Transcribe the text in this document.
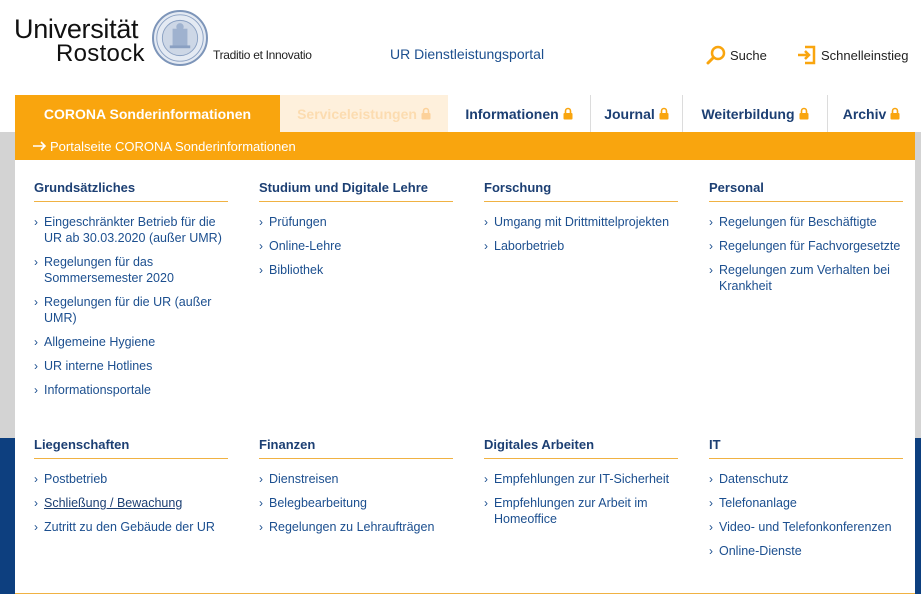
Universität
Rostock	Traditio et Innovatio	UR Dienstleistungsportal	Suche	Schnelleinstieg
CORONA Sonderinformationen	Serviceleistungen	Informationen	Journal	Weiterbildung	Archiv
Portalseite CORONA Sonderinformationen
Grundsätzliches
› Eingeschränkter Betrieb für die UR ab 30.03.2020 (außer UMR)
› Regelungen für das Sommersemester 2020
› Regelungen für die UR (außer UMR)
› Allgemeine Hygiene
› UR interne Hotlines
› Informationsportale
Studium und Digitale Lehre
› Prüfungen
› Online-Lehre
› Bibliothek
Forschung
› Umgang mit Drittmittelprojekten
› Laborbetrieb
Personal
› Regelungen für Beschäftigte
› Regelungen für Fachvorgesetzte
› Regelungen zum Verhalten bei Krankheit
Liegenschaften
› Postbetrieb
› Schließung / Bewachung
› Zutritt zu den Gebäude der UR
Finanzen
› Dienstreisen
› Belegbearbeitung
› Regelungen zu Lehraufträgen
Digitales Arbeiten
› Empfehlungen zur IT-Sicherheit
› Empfehlungen zur Arbeit im Homeoffice
IT
› Datenschutz
› Telefonanlage
› Video- und Telefonkonferenzen
› Online-Dienste
